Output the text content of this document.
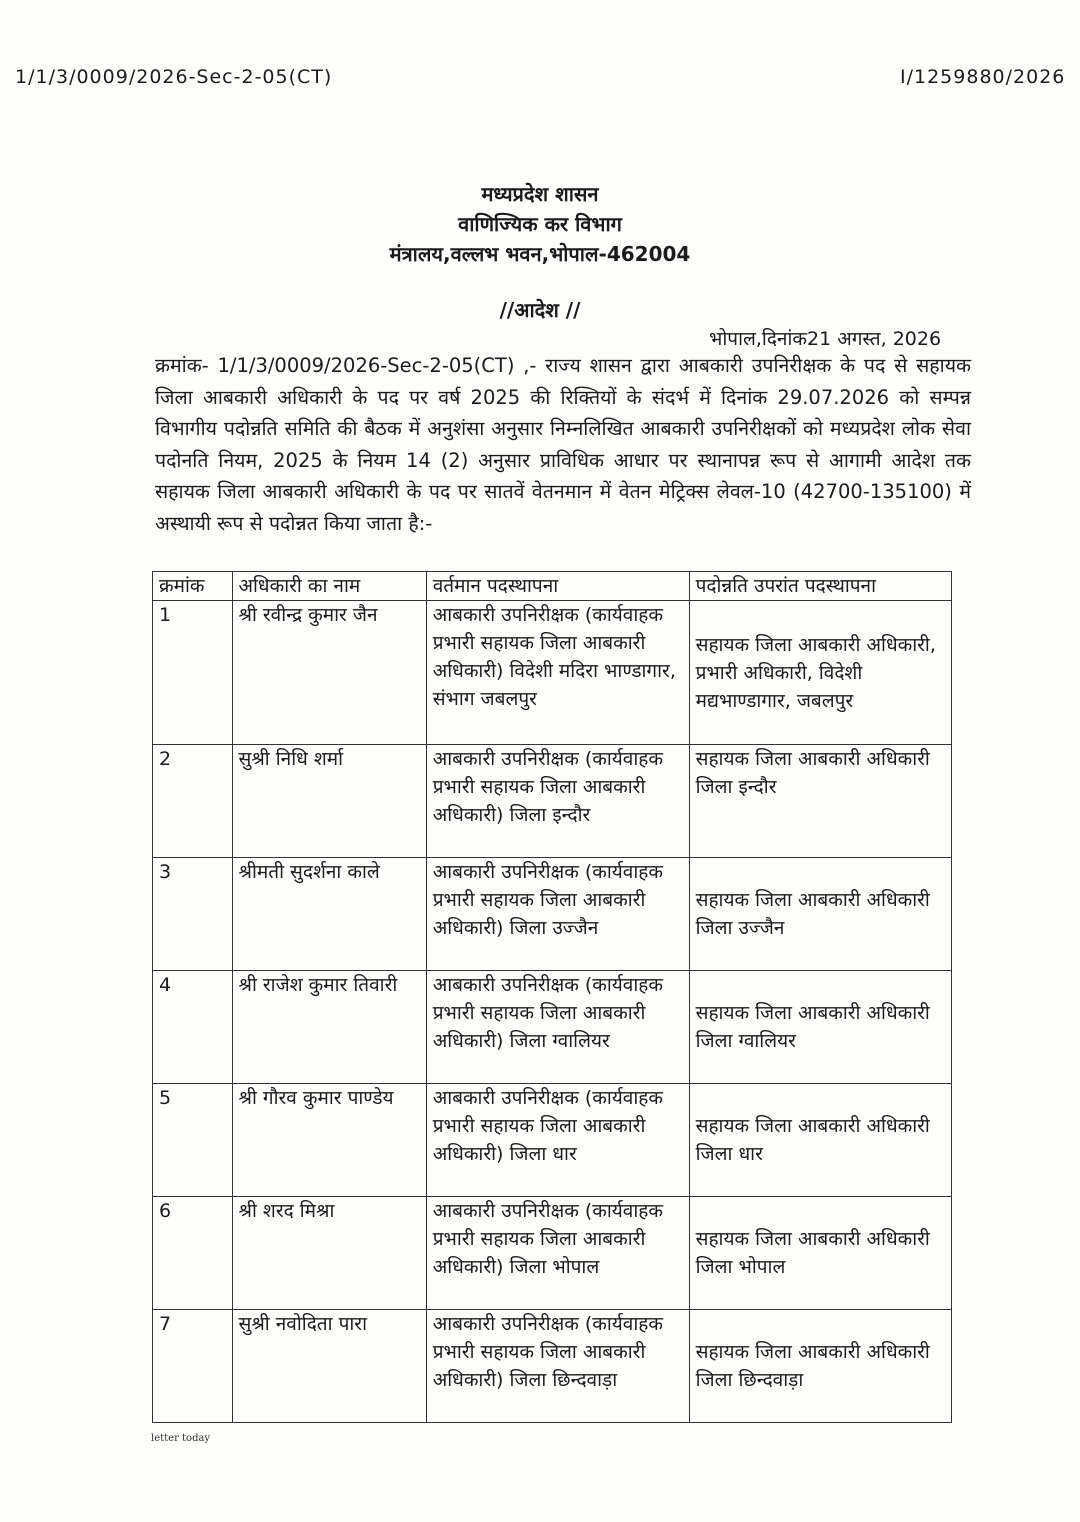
1/1/3/0009/2026-Sec-2-05(CT)	I/1259880/2026
मध्यप्रदेश शासन
वाणिज्यिक कर विभाग
मंत्रालय,वल्लभ भवन,भोपाल-462004
//आदेश //
भोपाल,दिनांक21 अगस्त, 2026
क्रमांक- 1/1/3/0009/2026-Sec-2-05(CT) ,- राज्य शासन द्वारा आबकारी उपनिरीक्षक के पद से सहायक जिला आबकारी अधिकारी के पद पर वर्ष 2025 की रिक्तियों के संदर्भ में दिनांक 29.07.2026 को सम्पन्न विभागीय पदोन्नति समिति की बैठक में अनुशंसा अनुसार निम्नलिखित आबकारी उपनिरीक्षकों को मध्यप्रदेश लोक सेवा पदोनति नियम, 2025 के नियम 14 (2) अनुसार प्राविधिक आधार पर स्थानापन्न रूप से आगामी आदेश तक सहायक जिला आबकारी अधिकारी के पद पर सातवें वेतनमान में वेतन मेट्रिक्स लेवल-10 (42700-135100) में अस्थायी रूप से पदोन्नत किया जाता है:-
क्रमांक	अधिकारी का नाम	वर्तमान पदस्थापना	पदोन्नति उपरांत पदस्थापना
1	श्री रवीन्द्र कुमार जैन	आबकारी उपनिरीक्षक (कार्यवाहक प्रभारी सहायक जिला आबकारी अधिकारी) विदेशी मदिरा भाण्डागार, संभाग जबलपुर	सहायक जिला आबकारी अधिकारी, प्रभारी अधिकारी, विदेशी मद्यभाण्डागार, जबलपुर
2	सुश्री निधि शर्मा	आबकारी उपनिरीक्षक (कार्यवाहक प्रभारी सहायक जिला आबकारी अधिकारी) जिला इन्दौर	सहायक जिला आबकारी अधिकारी जिला इन्दौर
3	श्रीमती सुदर्शना काले	आबकारी उपनिरीक्षक (कार्यवाहक प्रभारी सहायक जिला आबकारी अधिकारी) जिला उज्जैन	सहायक जिला आबकारी अधिकारी जिला उज्जैन
4	श्री राजेश कुमार तिवारी	आबकारी उपनिरीक्षक (कार्यवाहक प्रभारी सहायक जिला आबकारी अधिकारी) जिला ग्वालियर	सहायक जिला आबकारी अधिकारी जिला ग्वालियर
5	श्री गौरव कुमार पाण्डेय	आबकारी उपनिरीक्षक (कार्यवाहक प्रभारी सहायक जिला आबकारी अधिकारी) जिला धार	सहायक जिला आबकारी अधिकारी जिला धार
6	श्री शरद मिश्रा	आबकारी उपनिरीक्षक (कार्यवाहक प्रभारी सहायक जिला आबकारी अधिकारी) जिला भोपाल	सहायक जिला आबकारी अधिकारी जिला भोपाल
7	सुश्री नवोदिता पारा	आबकारी उपनिरीक्षक (कार्यवाहक प्रभारी सहायक जिला आबकारी अधिकारी) जिला छिन्दवाड़ा	सहायक जिला आबकारी अधिकारी जिला छिन्दवाड़ा
letter today
